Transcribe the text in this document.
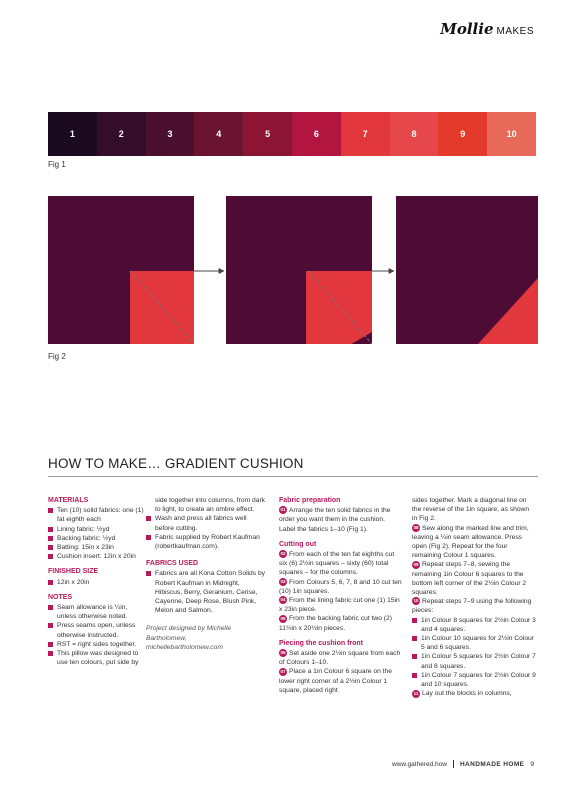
Mollie MAKES
1	2	3	4	5	6	7	8	9	10
Fig 1
Fig 2
HOW TO MAKE… GRADIENT CUSHION
MATERIALS
Ten (10) solid fabrics: one (1) fat eighth each
Lining fabric: ½yd
Backing fabric: ½yd
Batting: 15in x 23in
Cushion insert: 12in x 20in
FINISHED SIZE
12in x 20in
NOTES
Seam allowance is ¼in, unless otherwise noted.
Press seams open, unless otherwise instructed.
RST = right sides together.
This pillow was designed to use ten colours, put side by
side together into columns, from dark to light, to create an ombre effect.
Wash and press all fabrics well before cutting.
Fabric supplied by Robert Kaufman (robertkaufman.com).
FABRICS USED
Fabrics are all Kona Cotton Solids by Robert Kaufman in Midnight, Hibiscus, Berry, Geranium, Cerise, Cayenne, Deep Rose, Blush Pink, Melon and Salmon.
Project designed by Michelle Bartholomew,
michellebartholomew.com
Fabric preparation
01 Arrange the ten solid fabrics in the order you want them in the cushion. Label the fabrics 1–10 (Fig 1).
Cutting out
02 From each of the ten fat eighths cut six (6) 2½in squares – sixty (60) total squares – for the columns.
03 From Colours 5, 6, 7, 8 and 10 cut ten (10) 1in squares.
04 From the lining fabric cut one (1) 15in x 23in piece.
05 From the backing fabric cut two (2) 11½in x 20½in pieces.
Piecing the cushion front
06 Set aside one 2½in square from each of Colours 1–10.
07 Place a 1in Colour 6 square on the lower right corner of a 2½in Colour 1 square, placed right
sides together. Mark a diagonal line on the reverse of the 1in square, as shown in Fig 2.
08 Sew along the marked line and trim, leaving a ¼in seam allowance. Press open (Fig 2). Repeat for the four remaining Colour 1 squares.
09 Repeat steps 7–8, sewing the remaining 1in Colour 6 squares to the bottom left corner of the 2½in Colour 2 squares.
10 Repeat steps 7–9 using the following pieces:
1in Colour 8 squares for 2½in Colour 3 and 4 squares.
1in Colour 10 squares for 2½in Colour 5 and 6 squares.
1in Colour 5 squares for 2½in Colour 7 and 8 squares.
1in Colour 7 squares for 2½in Colour 9 and 10 squares.
11 Lay out the blocks in columns,
www.gathered.how HANDMADE HOME 9
